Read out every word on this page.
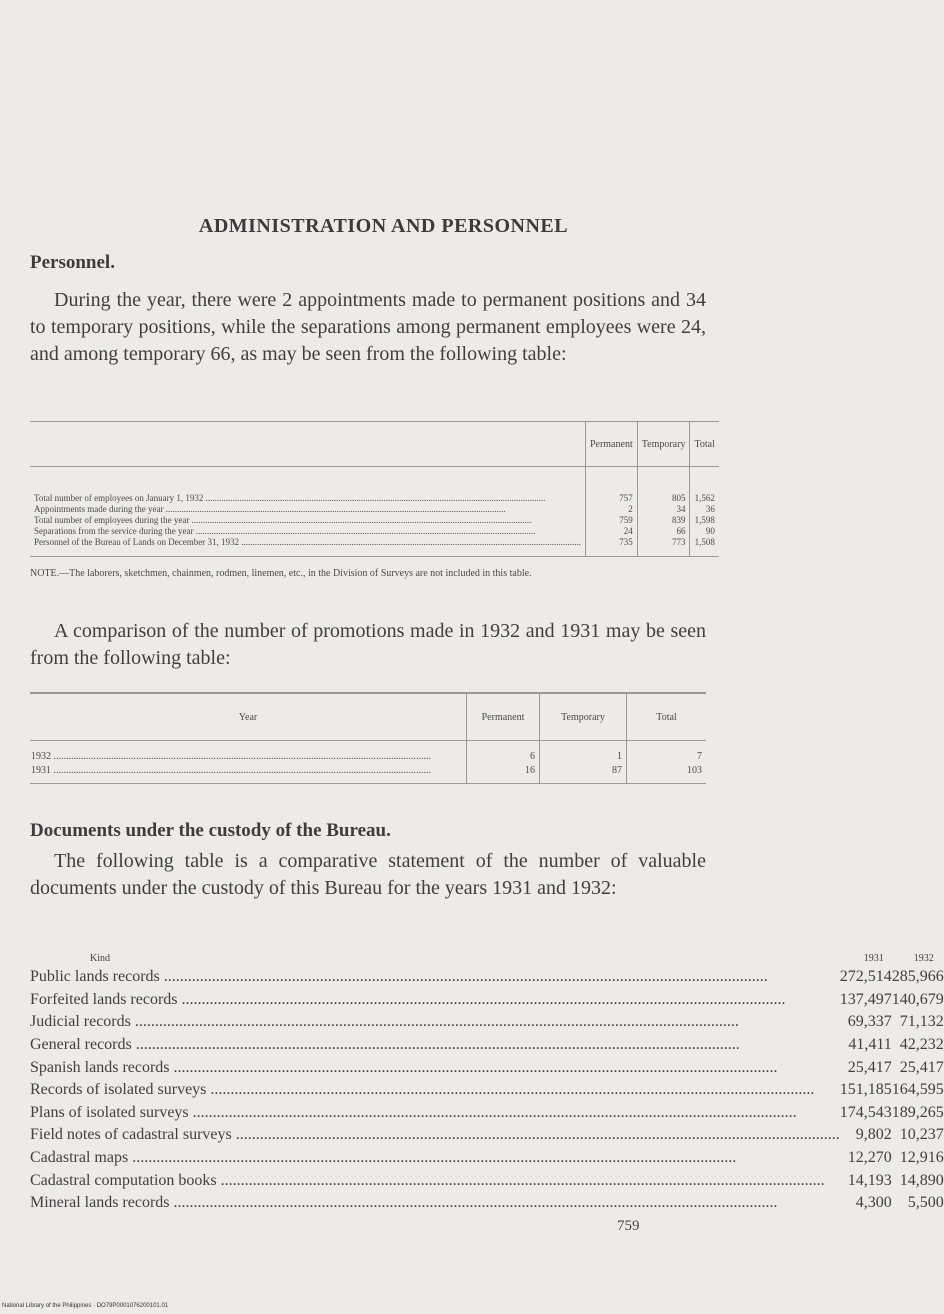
ADMINISTRATION AND PERSONNEL
Personnel.
During the year, there were 2 appointments made to permanent positions and 34 to temporary positions, while the separations among permanent employees were 24, and among temporary 66, as may be seen from the following table:
	Permanent	Temporary	Total
Total number of employees on January 1, 1932 .....	757	805	1,562
Appointments made during the year .....	2	34	36
Total number of employees during the year .....	759	839	1,598
Separations from the service during the year .....	24	66	90
Personnel of the Bureau of Lands on December 31, 1932 .....	735	773	1,508
NOTE.—The laborers, sketchmen, chainmen, rodmen, linemen, etc., in the Division of Surveys are not included in this table.
A comparison of the number of promotions made in 1932 and 1931 may be seen from the following table:
Year	Permanent	Temporary	Total
1932 .....	6	1	7
1931 .....	16	87	103
Documents under the custody of the Bureau.
The following table is a comparative statement of the number of valuable documents under the custody of this Bureau for the years 1931 and 1932:
Kind	1931	1932
Public lands records .....	272,514	285,966
Forfeited lands records .....	137,497	140,679
Judicial records .....	69,337	71,132
General records .....	41,411	42,232
Spanish lands records .....	25,417	25,417
Records of isolated surveys .....	151,185	164,595
Plans of isolated surveys .....	174,543	189,265
Field notes of cadastral surveys .....	9,802	10,237
Cadastral maps .....	12,270	12,916
Cadastral computation books .....	14,193	14,890
Mineral lands records .....	4,300	5,500
759
National Library of the Philippines · DO79P0001076200101.01
